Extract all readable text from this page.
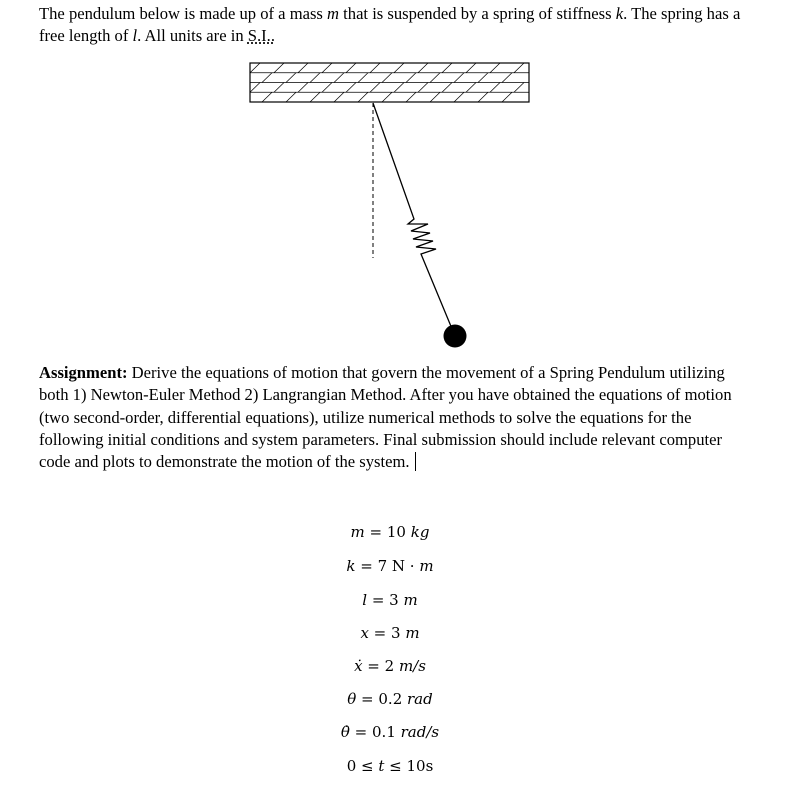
The pendulum below is made up of a mass m that is suspended by a spring of stiffness k. The spring has a free length of l. All units are in S.I..

Assignment: Derive the equations of motion that govern the movement of a Spring Pendulum utilizing both 1) Newton-Euler Method 2) Langrangian Method. After you have obtained the equations of motion (two second-order, differential equations), utilize numerical methods to solve the equations for the following initial conditions and system parameters. Final submission should include relevant computer code and plots to demonstrate the motion of the system.

m = 10 kg
k = 7 N · m
l = 3 m
x = 3 m
ẋ = 2 m/s
θ = 0.2 rad
θ̇ = 0.1 rad/s
0 ≤ t ≤ 10s
